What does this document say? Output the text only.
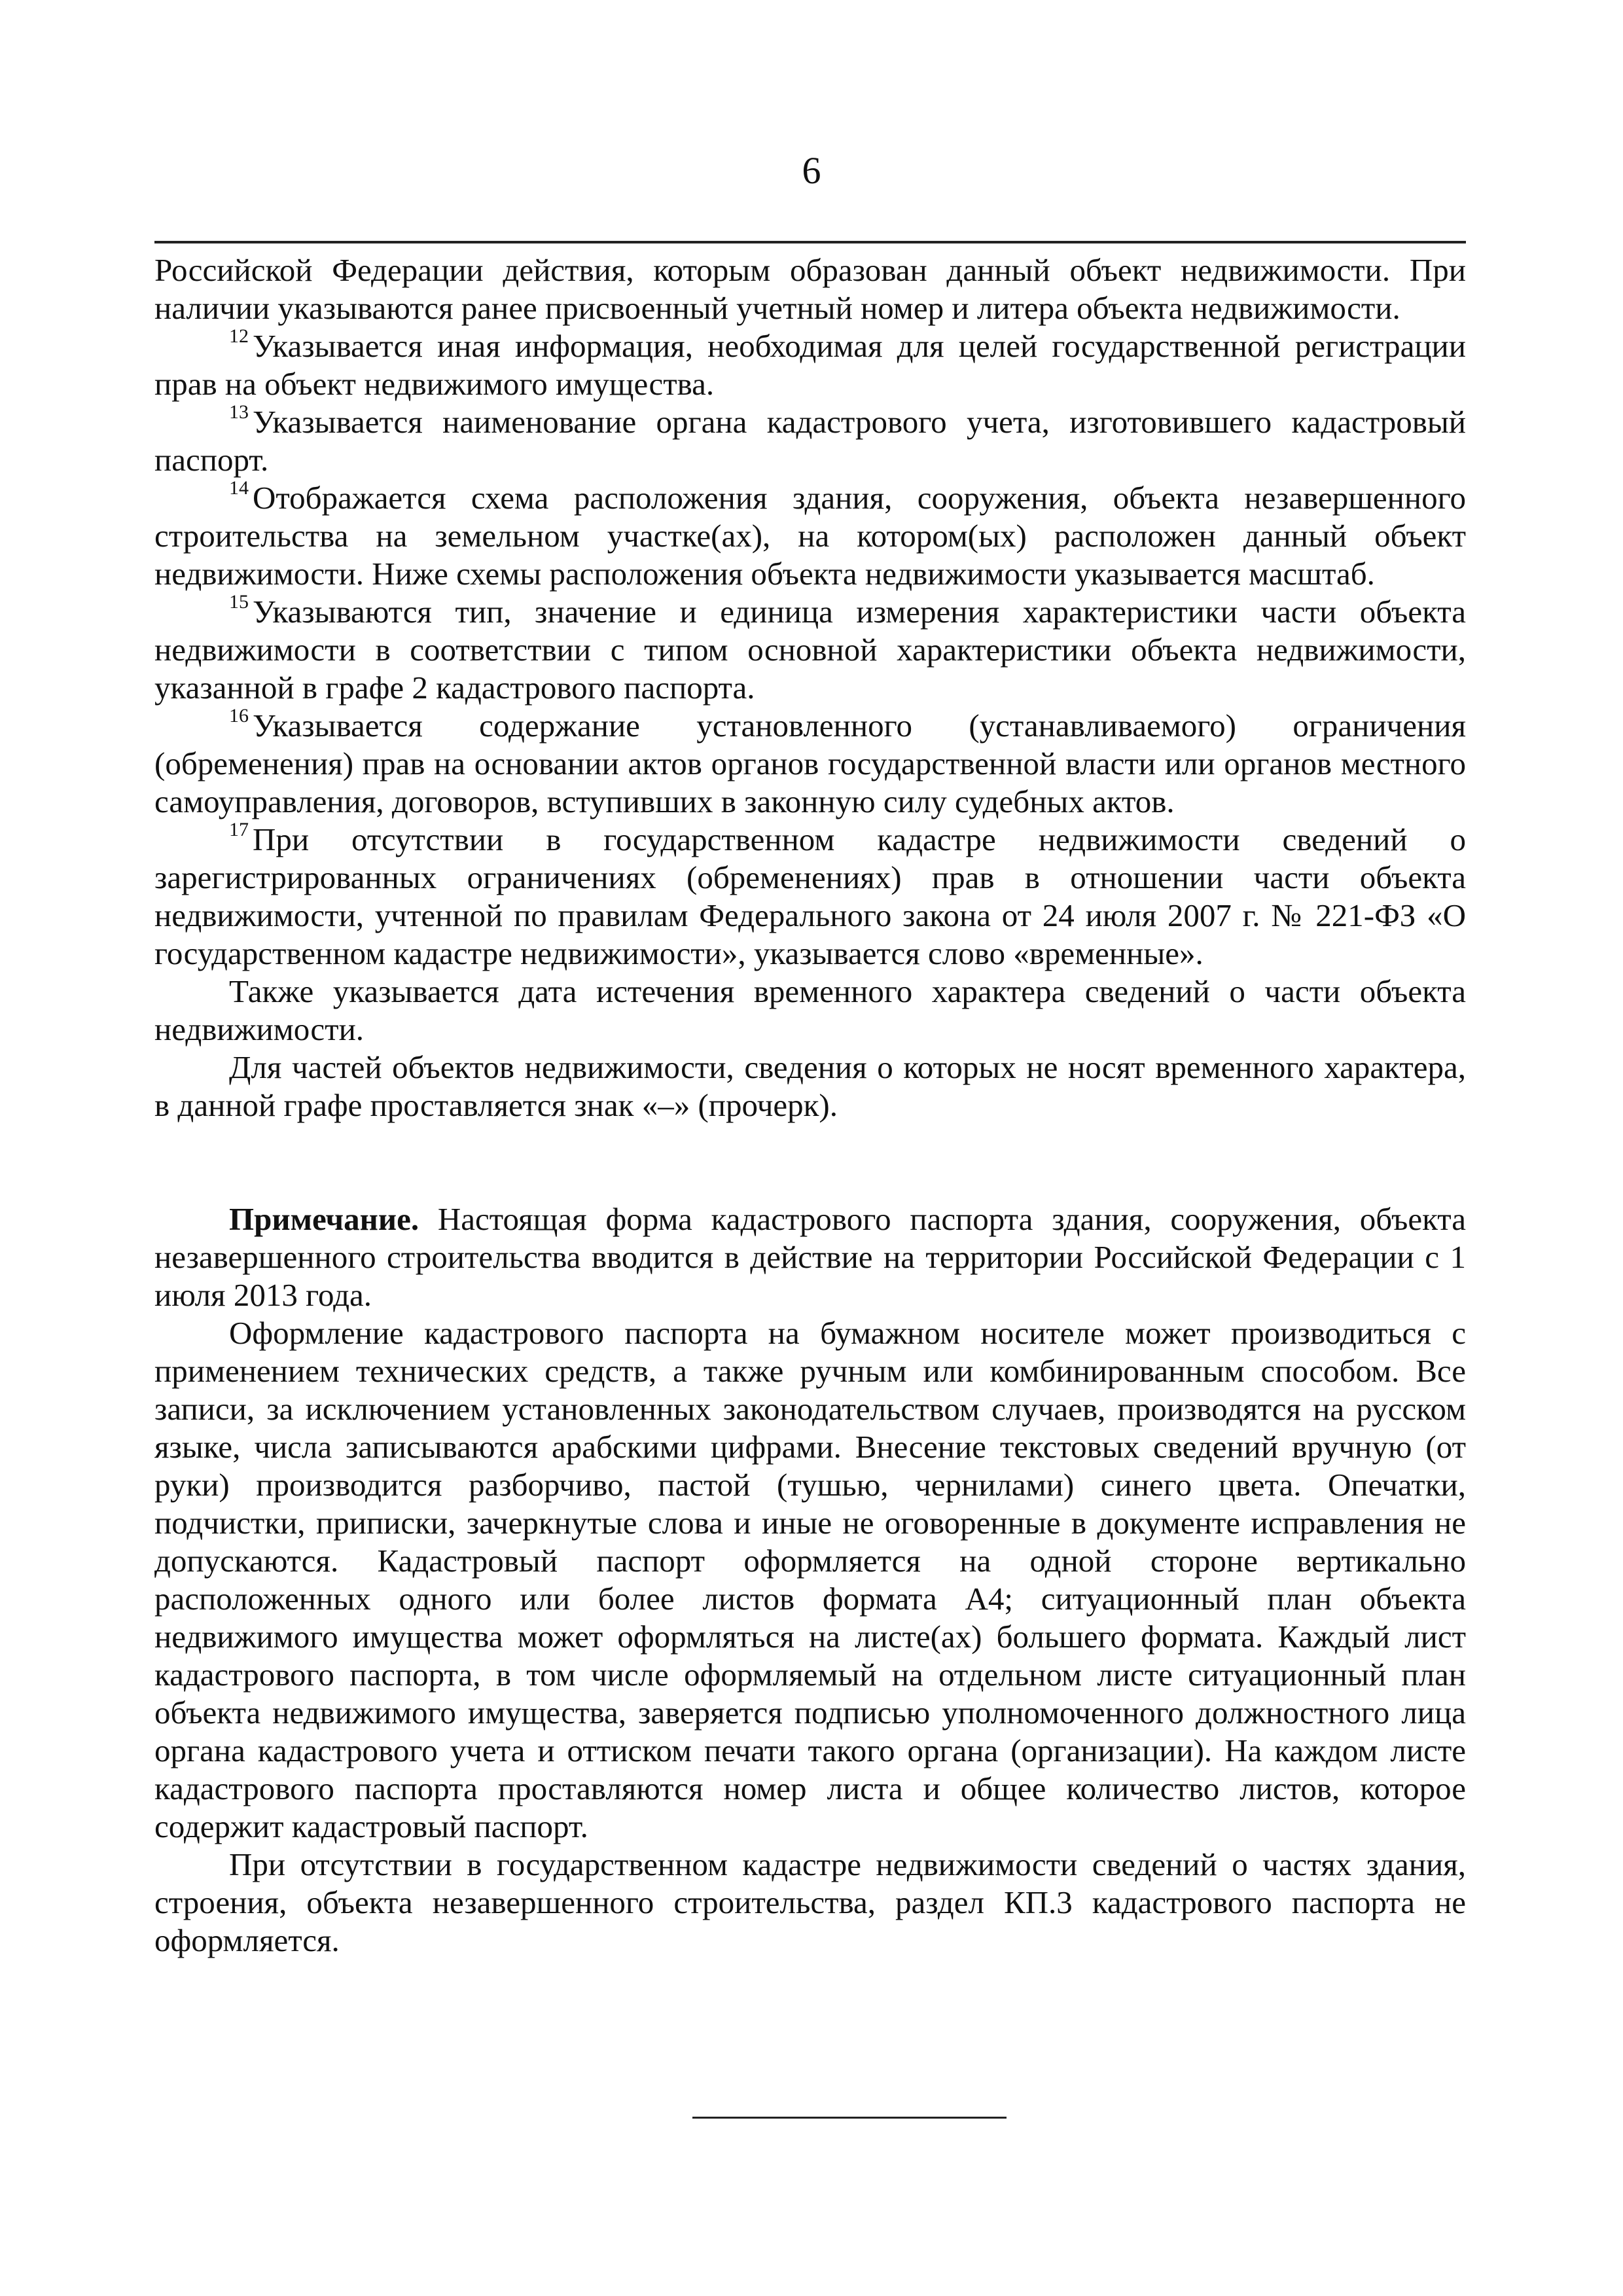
6

Российской Федерации действия, которым образован данный объект недвижимости. При наличии указываются ранее присвоенный учетный номер и литера объекта недвижимости.

$^{12}$ Указывается иная информация, необходимая для целей государственной регистрации прав на объект недвижимого имущества.

$^{13}$ Указывается наименование органа кадастрового учета, изготовившего кадастровый паспорт.

$^{14}$ Отображается схема расположения здания, сооружения, объекта незавершенного строительства на земельном участке(ах), на котором(ых) расположен данный объект недвижимости. Ниже схемы расположения объекта недвижимости указывается масштаб.

$^{15}$ Указываются тип, значение и единица измерения характеристики части объекта недвижимости в соответствии с типом основной характеристики объекта недвижимости, указанной в графе 2 кадастрового паспорта.

$^{16}$ Указывается содержание установленного (устанавливаемого) ограничения (обременения) прав на основании актов органов государственной власти или органов местного самоуправления, договоров, вступивших в законную силу судебных актов.

$^{17}$ При отсутствии в государственном кадастре недвижимости сведений о зарегистрированных ограничениях (обременениях) прав в отношении части объекта недвижимости, учтенной по правилам Федерального закона от 24 июля 2007 г. № 221-ФЗ «О государственном кадастре недвижимости», указывается слово «временные».

Также указывается дата истечения временного характера сведений о части объекта недвижимости.

Для частей объектов недвижимости, сведения о которых не носят временного характера, в данной графе проставляется знак «–» (прочерк).

Примечание. Настоящая форма кадастрового паспорта здания, сооружения, объекта незавершенного строительства вводится в действие на территории Российской Федерации с 1 июля 2013 года.

Оформление кадастрового паспорта на бумажном носителе может производиться с применением технических средств, а также ручным или комбинированным способом. Все записи, за исключением установленных законодательством случаев, производятся на русском языке, числа записываются арабскими цифрами. Внесение текстовых сведений вручную (от руки) производится разборчиво, пастой (тушью, чернилами) синего цвета. Опечатки, подчистки, приписки, зачеркнутые слова и иные не оговоренные в документе исправления не допускаются. Кадастровый паспорт оформляется на одной стороне вертикально расположенных одного или более листов формата А4; ситуационный план объекта недвижимого имущества может оформляться на листе(ах) большего формата. Каждый лист кадастрового паспорта, в том числе оформляемый на отдельном листе ситуационный план объекта недвижимого имущества, заверяется подписью уполномоченного должностного лица органа кадастрового учета и оттиском печати такого органа (организации). На каждом листе кадастрового паспорта проставляются номер листа и общее количество листов, которое содержит кадастровый паспорт.

При отсутствии в государственном кадастре недвижимости сведений о частях здания, строения, объекта незавершенного строительства, раздел КП.3 кадастрового паспорта не оформляется.
